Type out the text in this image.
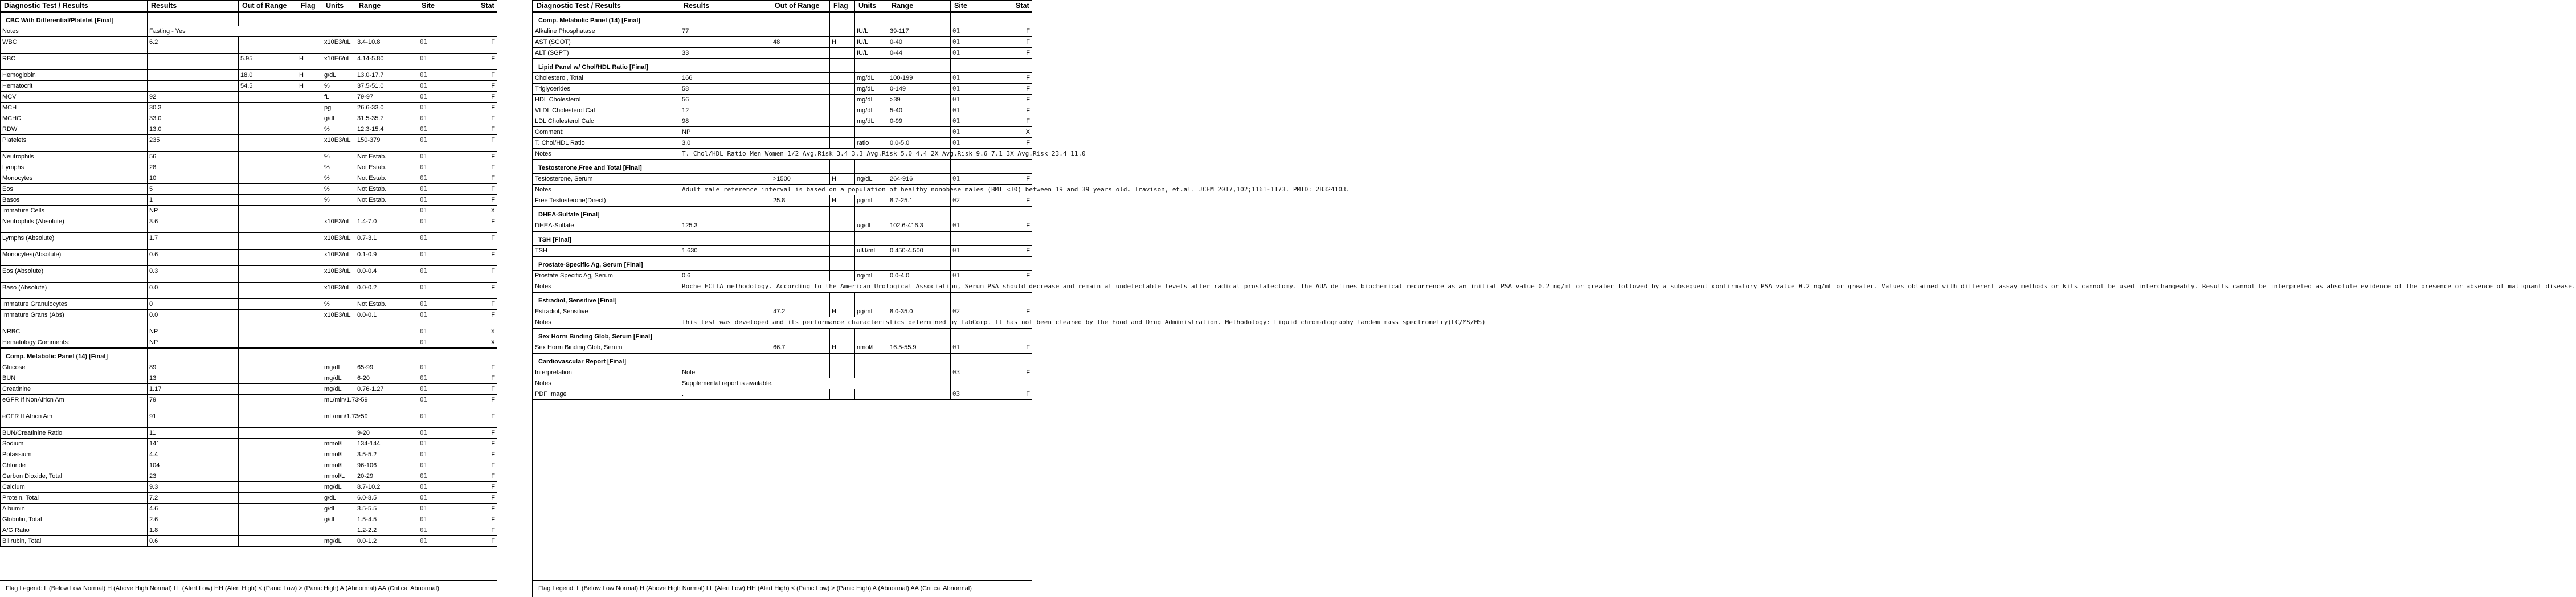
Diagnostic Test / Results	Results	Out of Range	Flag	Units	Range	Site	Stat
CBC With Differential/Platelet [Final]							
Notes	Fasting - Yes						
WBC	6.2			x10E3/uL	3.4-10.8	01	F
RBC		5.95	H	x10E6/uL	4.14-5.80	01	F
Hemoglobin		18.0	H	g/dL	13.0-17.7	01	F
Hematocrit		54.5	H	%	37.5-51.0	01	F
MCV	92			fL	79-97	01	F
MCH	30.3			pg	26.6-33.0	01	F
MCHC	33.0			g/dL	31.5-35.7	01	F
RDW	13.0			%	12.3-15.4	01	F
Platelets	235			x10E3/uL	150-379	01	F
Neutrophils	56			%	Not Estab.	01	F
Lymphs	28			%	Not Estab.	01	F
Monocytes	10			%	Not Estab.	01	F
Eos	5			%	Not Estab.	01	F
Basos	1			%	Not Estab.	01	F
Immature Cells	NP					01	X
Neutrophils (Absolute)	3.6			x10E3/uL	1.4-7.0	01	F
Lymphs (Absolute)	1.7			x10E3/uL	0.7-3.1	01	F
Monocytes(Absolute)	0.6			x10E3/uL	0.1-0.9	01	F
Eos (Absolute)	0.3			x10E3/uL	0.0-0.4	01	F
Baso (Absolute)	0.0			x10E3/uL	0.0-0.2	01	F
Immature Granulocytes	0			%	Not Estab.	01	F
Immature Grans (Abs)	0.0			x10E3/uL	0.0-0.1	01	F
NRBC	NP					01	X
Hematology Comments:	NP					01	X
Comp. Metabolic Panel (14) [Final]							
Glucose	89			mg/dL	65-99	01	F
BUN	13			mg/dL	6-20	01	F
Creatinine	1.17			mg/dL	0.76-1.27	01	F
eGFR If NonAfricn Am	79			mL/min/1.73	>59	01	F
eGFR If Africn Am	91			mL/min/1.73	>59	01	F
BUN/Creatinine Ratio	11				9-20	01	F
Sodium	141			mmol/L	134-144	01	F
Potassium	4.4			mmol/L	3.5-5.2	01	F
Chloride	104			mmol/L	96-106	01	F
Carbon Dioxide, Total	23			mmol/L	20-29	01	F
Calcium	9.3			mg/dL	8.7-10.2	01	F
Protein, Total	7.2			g/dL	6.0-8.5	01	F
Albumin	4.6			g/dL	3.5-5.5	01	F
Globulin, Total	2.6			g/dL	1.5-4.5	01	F
A/G Ratio	1.8				1.2-2.2	01	F
Bilirubin, Total	0.6			mg/dL	0.0-1.2	01	F
Flag Legend: L (Below Low Normal) H (Above High Normal) LL (Alert Low) HH (Alert High) < (Panic Low) > (Panic High) A (Abnormal) AA (Critical Abnormal)
Diagnostic Test / Results	Results	Out of Range	Flag	Units	Range	Site	Stat
Comp. Metabolic Panel (14) [Final]							
Alkaline Phosphatase	77			IU/L	39-117	01	F
AST (SGOT)		48	H	IU/L	0-40	01	F
ALT (SGPT)	33			IU/L	0-44	01	F
Lipid Panel w/ Chol/HDL Ratio [Final]							
Cholesterol, Total	166			mg/dL	100-199	01	F
Triglycerides	58			mg/dL	0-149	01	F
HDL Cholesterol	56			mg/dL	>39	01	F
VLDL Cholesterol Cal	12			mg/dL	5-40	01	F
LDL Cholesterol Calc	98			mg/dL	0-99	01	F
Comment:	NP					01	X
T. Chol/HDL Ratio	3.0			ratio	0.0-5.0	01	F
Notes	T. Chol/HDL Ratio Men Women 1/2 Avg.Risk 3.4 3.3 Avg.Risk 5.0 4.4 2X Avg.Risk 9.6 7.1 3X Avg.Risk 23.4 11.0						
Testosterone,Free and Total [Final]							
Testosterone, Serum		>1500	H	ng/dL	264-916	01	F
Notes	Adult male reference interval is based on a population of healthy nonobese males (BMI <30) between 19 and 39 years old. Travison, et.al. JCEM 2017,102;1161-1173. PMID: 28324103.						
Free Testosterone(Direct)		25.8	H	pg/mL	8.7-25.1	02	F
DHEA-Sulfate [Final]							
DHEA-Sulfate	125.3			ug/dL	102.6-416.3	01	F
TSH [Final]							
TSH	1.630			uIU/mL	0.450-4.500	01	F
Prostate-Specific Ag, Serum [Final]							
Prostate Specific Ag, Serum	0.6			ng/mL	0.0-4.0	01	F
Notes	Roche ECLIA methodology. According to the American Urological Association, Serum PSA should decrease and remain at undetectable levels after radical prostatectomy. The AUA defines biochemical recurrence as an initial PSA value 0.2 ng/mL or greater followed by a subsequent confirmatory PSA value 0.2 ng/mL or greater. Values obtained with different assay methods or kits cannot be used interchangeably. Results cannot be interpreted as absolute evidence of the presence or absence of malignant disease.						
Estradiol, Sensitive [Final]							
Estradiol, Sensitive		47.2	H	pg/mL	8.0-35.0	02	F
Notes	This test was developed and its performance characteristics determined by LabCorp. It has not been cleared by the Food and Drug Administration. Methodology: Liquid chromatography tandem mass spectrometry(LC/MS/MS)						
Sex Horm Binding Glob, Serum [Final]							
Sex Horm Binding Glob, Serum		66.7	H	nmol/L	16.5-55.9	01	F
Cardiovascular Report [Final]							
Interpretation	Note					03	F
Notes	Supplemental report is available.						
PDF Image	.					03	F
Flag Legend: L (Below Low Normal) H (Above High Normal) LL (Alert Low) HH (Alert High) < (Panic Low) > (Panic High) A (Abnormal) AA (Critical Abnormal)
